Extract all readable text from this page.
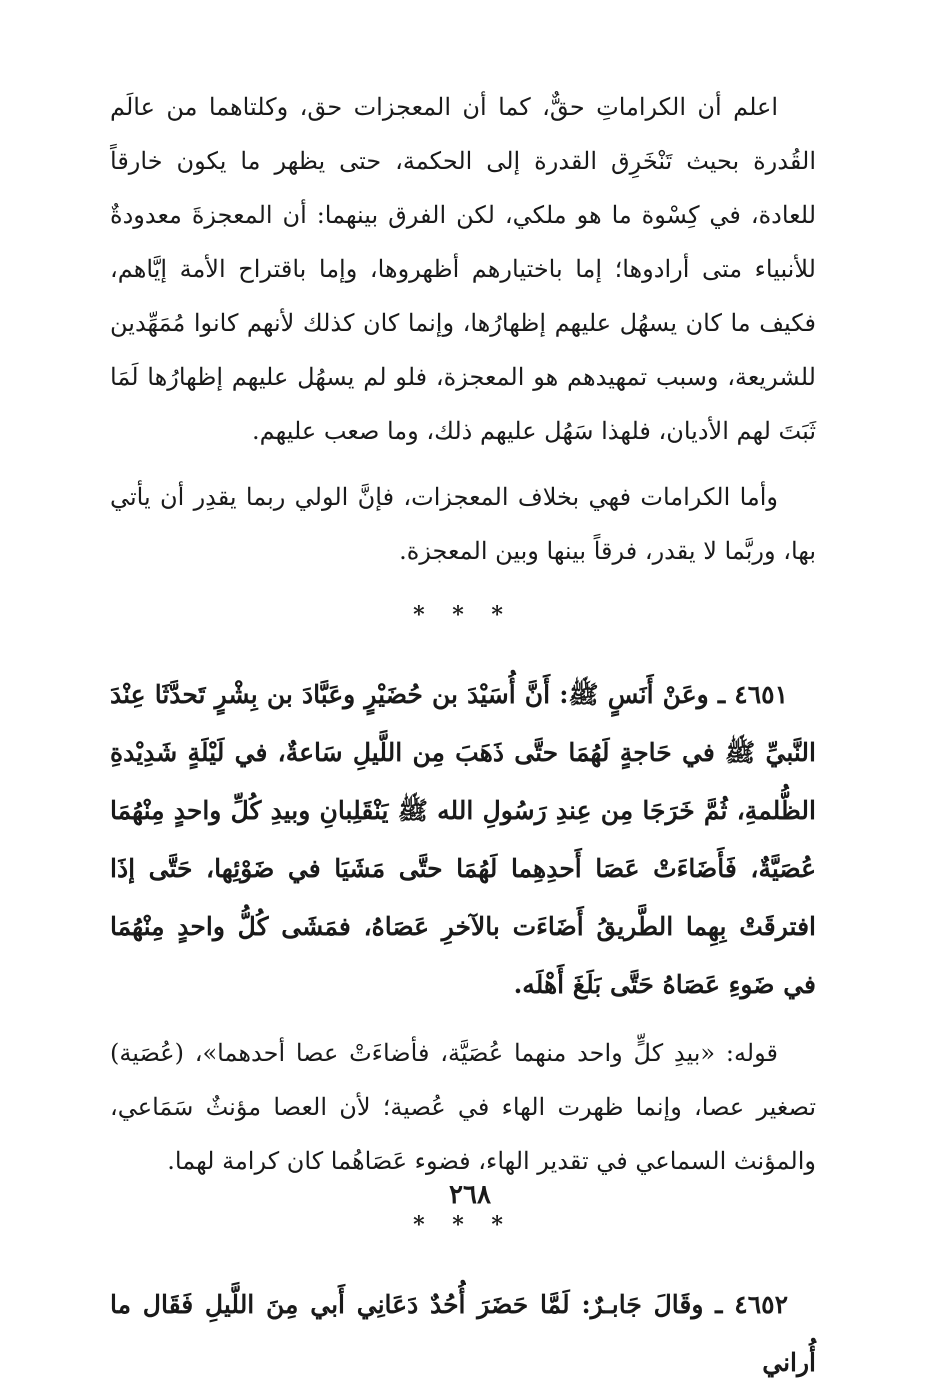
اعلم أن الكراماتِ حقٌّ، كما أن المعجزات حق، وكلتاهما من عالَم القُدرة بحيث تَنْخَرِق القدرة إلى الحكمة، حتى يظهر ما يكون خارقاً للعادة، في كِسْوة ما هو ملكي، لكن الفرق بينهما: أن المعجزةَ معدودةٌ للأنبياء متى أرادوها؛ إما باختيارهم أظهروها، وإما باقتراح الأمة إيَّاهم، فكيف ما كان يسهُل عليهم إظهارُها، وإنما كان كذلك لأنهم كانوا مُمَهِّدين للشريعة، وسبب تمهيدهم هو المعجزة، فلو لم يسهُل عليهم إظهارُها لَمَا ثَبَتَ لهم الأديان، فلهذا سَهُل عليهم ذلك، وما صعب عليهم.

وأما الكرامات فهي بخلاف المعجزات، فإنَّ الولي ربما يقدِر أن يأتي بها، وربَّما لا يقدر، فرقاً بينها وبين المعجزة.

* * *

٤٦٥١ ـ وعَنْ أَنَسٍ ﷺ: أَنَّ أُسَيْدَ بن حُضَيْرٍ وعَبَّادَ بن بِشْرٍ تَحدَّثَا عِنْدَ النَّبيِّ ﷺ في حَاجةٍ لَهُمَا حتَّى ذَهَبَ مِن اللَّيلِ سَاعةٌ، في لَيْلَةٍ شَدِيْدةِ الظُّلمةِ، ثُمَّ خَرَجَا مِن عِندِ رَسُولِ الله ﷺ يَنْقَلِبانِ وبيدِ كُلِّ واحدٍ مِنْهُمَا عُصَيَّةٌ، فَأَضَاءَتْ عَصَا أَحدِهِما لَهُمَا حتَّى مَشَيَا في ضَوْئِها، حَتَّى إذَا افترقَتْ بِهِما الطَّريقُ أَضَاءَت بالآخرِ عَصَاهُ، فمَشَى كُلُّ واحدٍ مِنْهُمَا في ضَوءِ عَصَاهُ حَتَّى بَلَغَ أَهْلَه.

قوله: «بيدِ كلٍّ واحد منهما عُصَيَّة، فأضاءَتْ عصا أحدهما»، (عُصَية) تصغير عصا، وإنما ظهرت الهاء في عُصية؛ لأن العصا مؤنثٌ سَمَاعي، والمؤنث السماعي في تقدير الهاء، فضوء عَصَاهُما كان كرامة لهما.

* * *

٤٦٥٢ ـ وقَالَ جَابـرٌ: لَمَّا حَضَرَ أُحُدٌ دَعَانِي أَبي مِنَ اللَّيلِ فَقَال ما أُراني

٢٦٨
